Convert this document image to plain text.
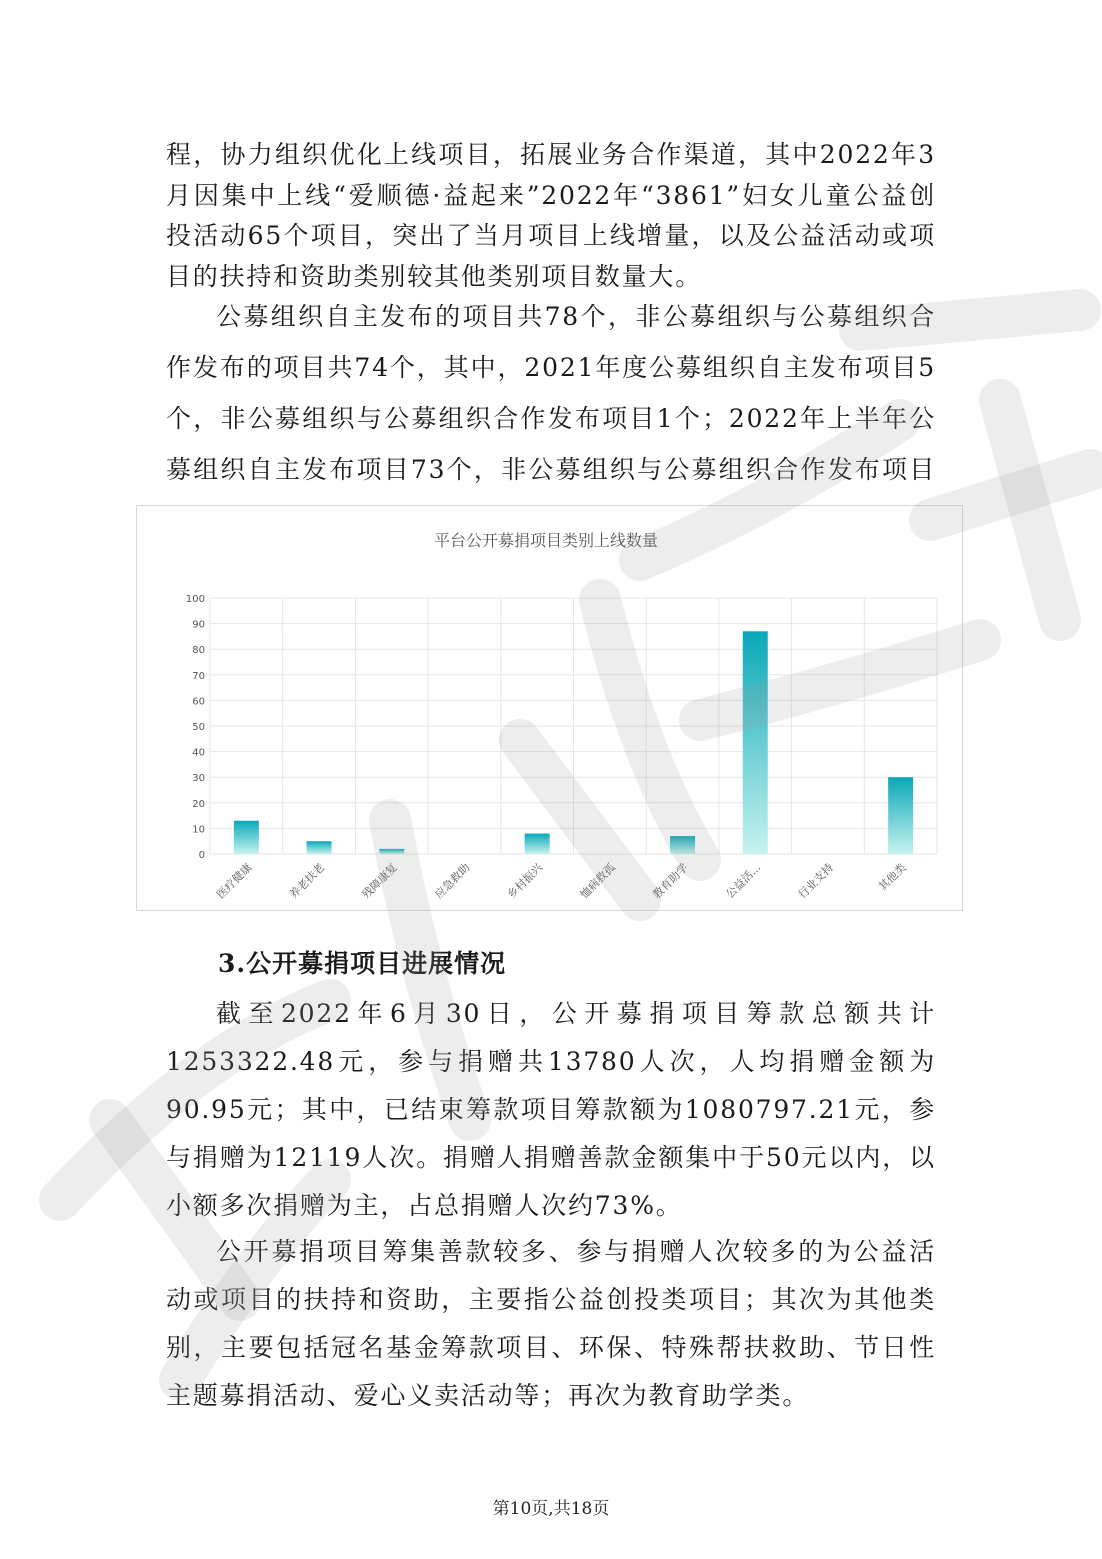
程，协力组织优化上线项目，拓展业务合作渠道，其中2022年3月因集中上线“爱顺德·益起来”2022年“3861”妇女儿童公益创投活动65个项目，突出了当月项目上线增量，以及公益活动或项目的扶持和资助类别较其他类别项目数量大。

公募组织自主发布的项目共78个，非公募组织与公募组织合作发布的项目共74个，其中，2021年度公募组织自主发布项目5个，非公募组织与公募组织合作发布项目1个；2022年上半年公募组织自主发布项目73个，非公募组织与公募组织合作发布项目

平台公开募捐项目类别上线数量
0
10
20
30
40
50
60
70
80
90
100
医疗健康	养老扶老	残障康复	应急救助	乡村振兴	恤病救孤	教育助学	公益活...	行业支持	其他类
3.公开募捐项目进展情况

截至2022年6月30日，公开募捐项目筹款总额共计1253322.48元，参与捐赠共13780人次，人均捐赠金额为90.95元；其中，已结束筹款项目筹款额为1080797.21元，参与捐赠为12119人次。捐赠人捐赠善款金额集中于50元以内，以小额多次捐赠为主，占总捐赠人次约73%。

公开募捐项目筹集善款较多、参与捐赠人次较多的为公益活动或项目的扶持和资助，主要指公益创投类项目；其次为其他类别，主要包括冠名基金筹款项目、环保、特殊帮扶救助、节日性主题募捐活动、爱心义卖活动等；再次为教育助学类。

第10页,共18页
